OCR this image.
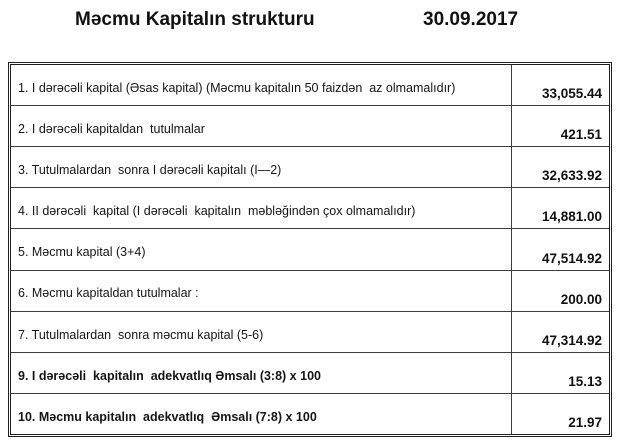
Məcmu Kapitalın strukturu	30.09.2017
1. I dərəcəli kapital (Əsas kapital) (Məcmu kapitalın 50 faizdən  az olmamalıdır)	33,055.44
2. I dərəcəli kapitaldan  tutulmalar	421.51
3. Tutulmalardan  sonra I dərəcəli kapitalı (I—2)	32,633.92
4. II dərəcəli  kapital (I dərəcəli  kapitalın  məbləğindən çox olmamalıdır)	14,881.00
5. Məcmu kapital (3+4)	47,514.92
6. Məcmu kapitaldan tutulmalar :	200.00
7. Tutulmalardan  sonra məcmu kapital (5-6)	47,314.92
9. I dərəcəli  kapitalın  adekvatlıq Əmsalı (3:8) x 100	15.13
10. Məcmu kapitalın  adekvatlıq  Əmsalı (7:8) x 100	21.97
